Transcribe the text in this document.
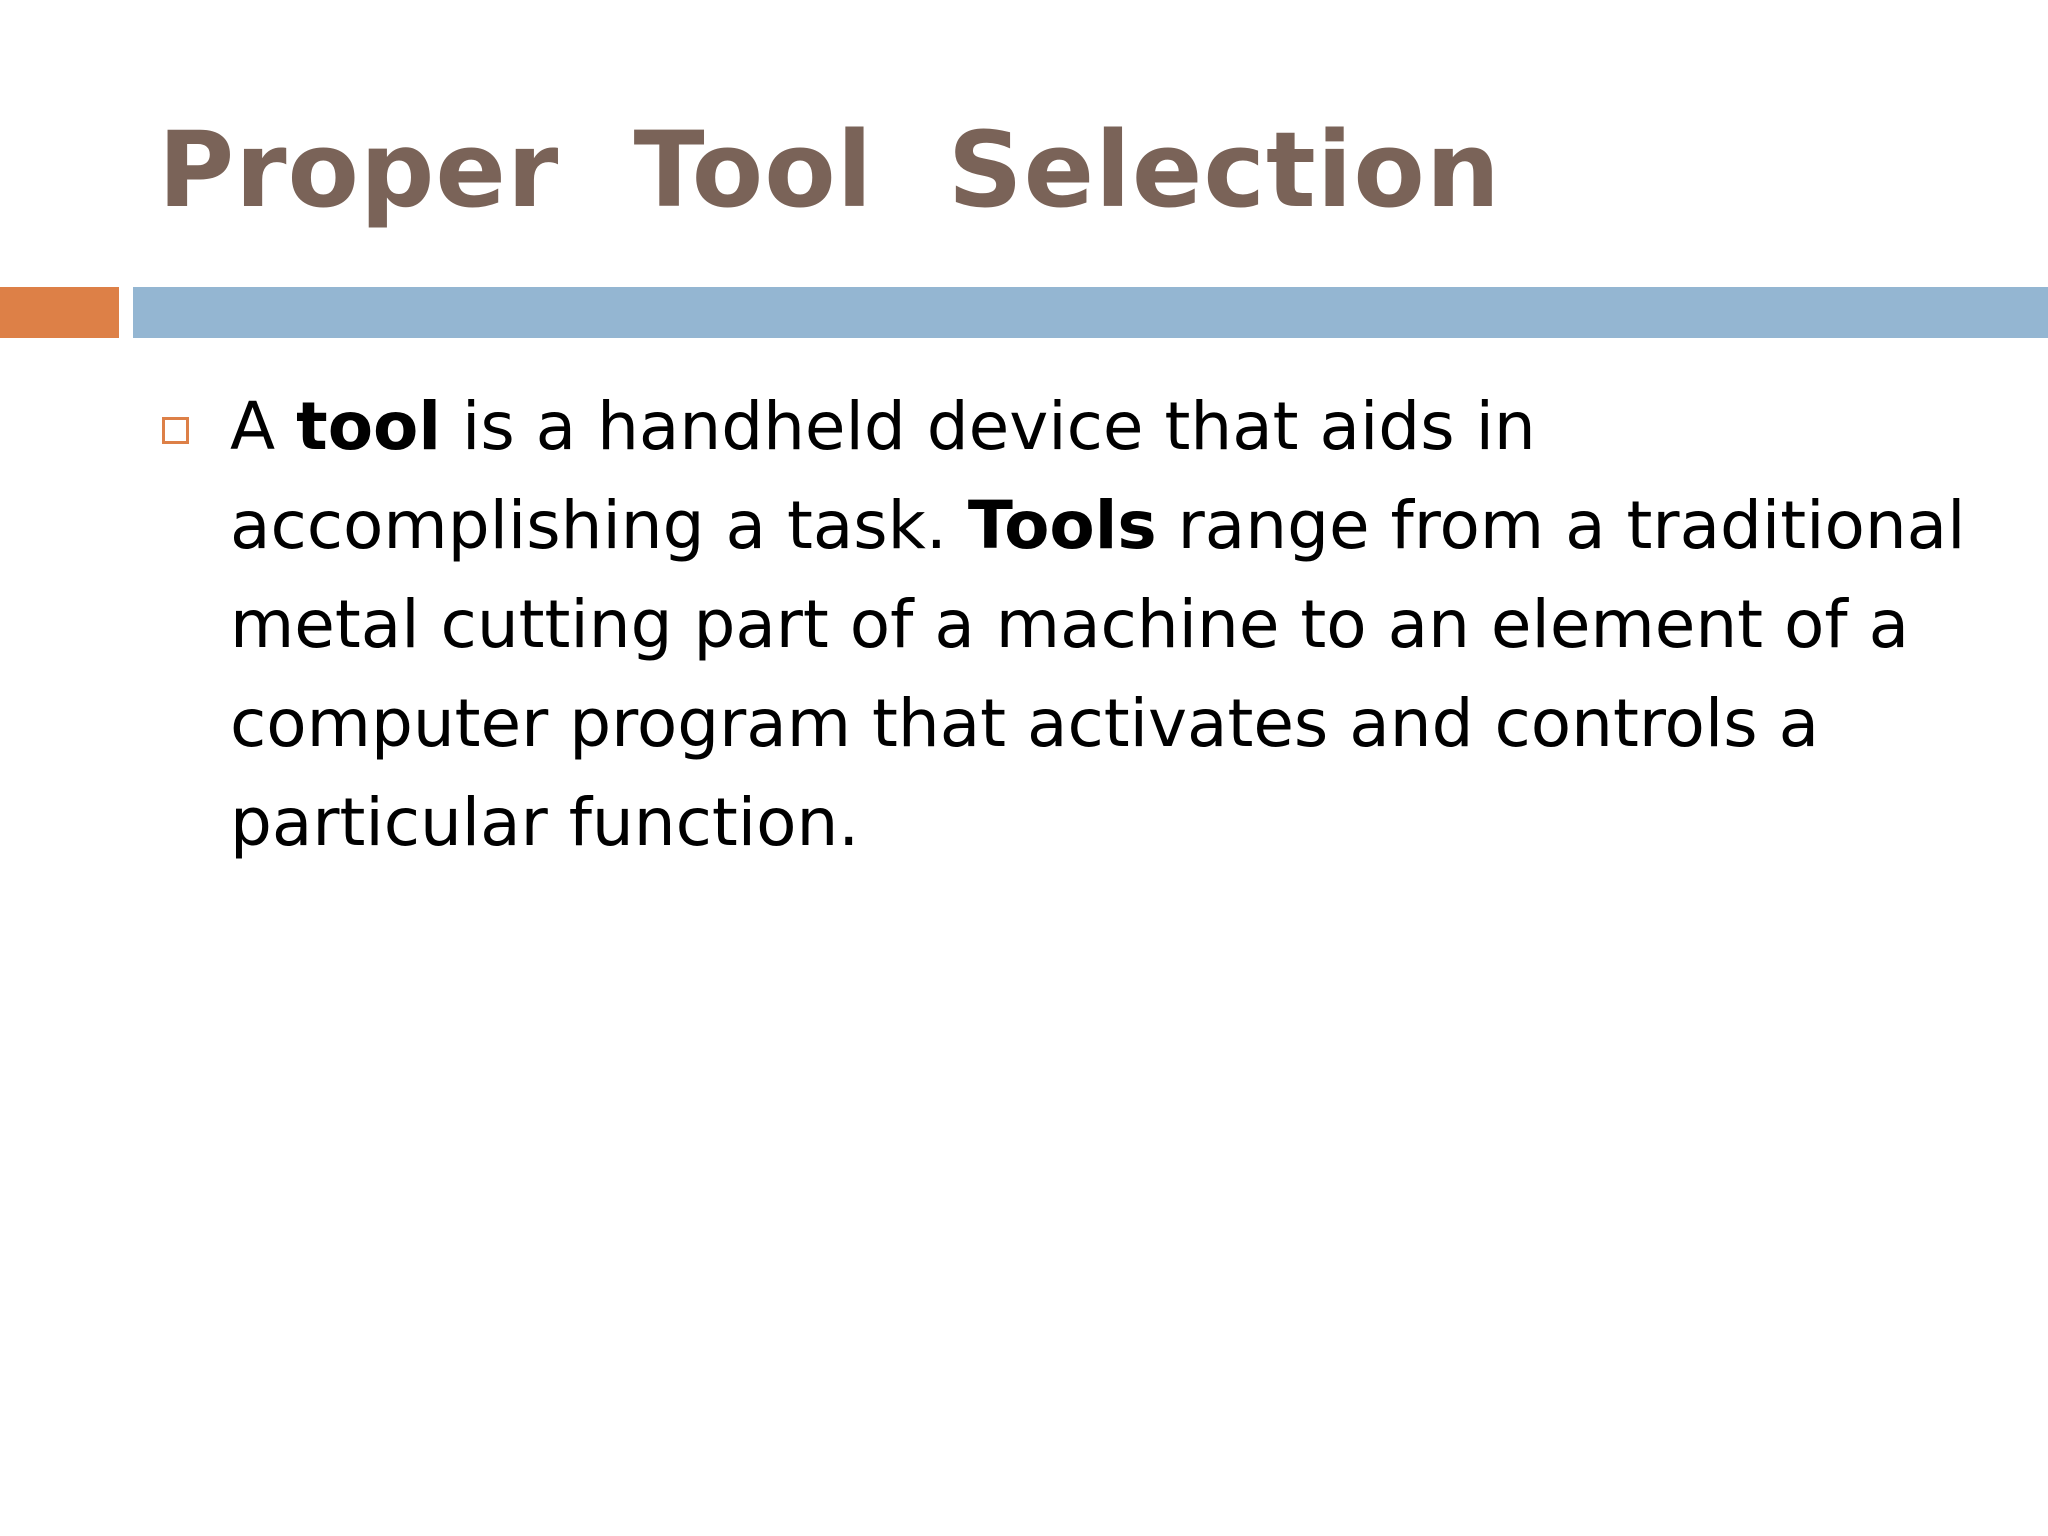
Proper  Tool  Selection
A tool is a handheld device that aids in accomplishing a task. Tools range from a traditional metal cutting part of a machine to an element of a computer program that activates and controls a particular function.
